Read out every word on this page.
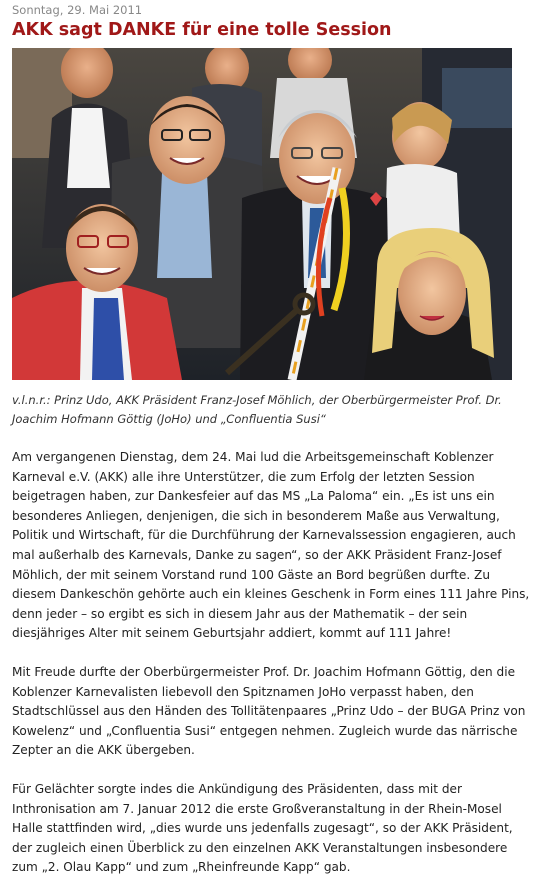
Sonntag, 29. Mai 2011
AKK sagt DANKE für eine tolle Session
v.l.n.r.: Prinz Udo, AKK Präsident Franz-Josef Möhlich, der Oberbürgermeister Prof. Dr. Joachim Hofmann Göttig (JoHo) und „Confluentia Susi“

Am vergangenen Dienstag, dem 24. Mai lud die Arbeitsgemeinschaft Koblenzer Karneval e.V. (AKK) alle ihre Unterstützer, die zum Erfolg der letzten Session beigetragen haben, zur Dankesfeier auf das MS „La Paloma“ ein. „Es ist uns ein besonderes Anliegen, denjenigen, die sich in besonderem Maße aus Verwaltung, Politik und Wirtschaft, für die Durchführung der Karnevalssession engagieren, auch mal außerhalb des Karnevals, Danke zu sagen“, so der AKK Präsident Franz-Josef Möhlich, der mit seinem Vorstand rund 100 Gäste an Bord begrüßen durfte. Zu diesem Dankeschön gehörte auch ein kleines Geschenk in Form eines 111 Jahre Pins, denn jeder – so ergibt es sich in diesem Jahr aus der Mathematik – der sein diesjähriges Alter mit seinem Geburtsjahr addiert, kommt auf 111 Jahre!

Mit Freude durfte der Oberbürgermeister Prof. Dr. Joachim Hofmann Göttig, den die Koblenzer Karnevalisten liebevoll den Spitznamen JoHo verpasst haben, den Stadtschlüssel aus den Händen des Tollitätenpaares „Prinz Udo – der BUGA Prinz von Kowelenz“ und „Confluentia Susi“ entgegen nehmen. Zugleich wurde das närrische Zepter an die AKK übergeben.

Für Gelächter sorgte indes die Ankündigung des Präsidenten, dass mit der Inthronisation am 7. Januar 2012 die erste Großveranstaltung in der Rhein-Mosel Halle stattfinden wird, „dies wurde uns jedenfalls zugesagt“, so der AKK Präsident, der zugleich einen Überblick zu den einzelnen AKK Veranstaltungen insbesondere zum „2. Olau Kapp“ und zum „Rheinfreunde Kapp“ gab.
